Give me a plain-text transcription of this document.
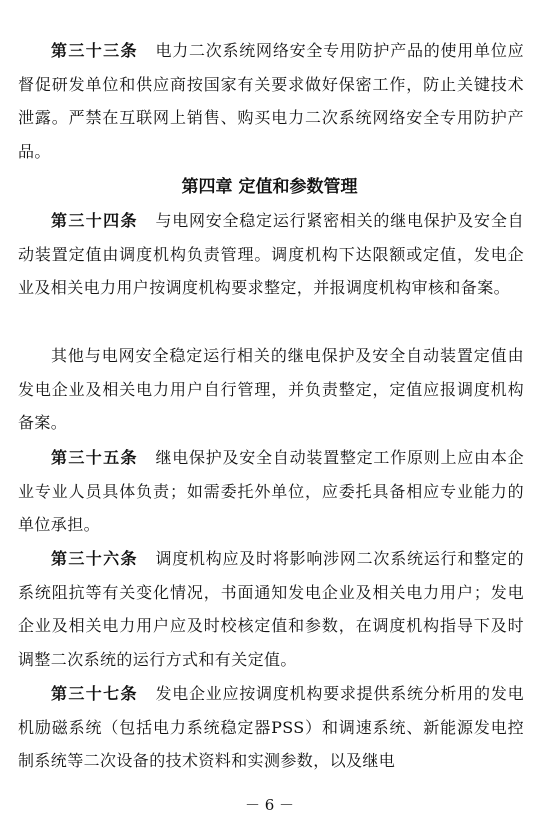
第三十三条 电力二次系统网络安全专用防护产品的使用单位应督促研发单位和供应商按国家有关要求做好保密工作，防止关键技术泄露。严禁在互联网上销售、购买电力二次系统网络安全专用防护产品。

第四章 定值和参数管理

第三十四条 与电网安全稳定运行紧密相关的继电保护及安全自动装置定值由调度机构负责管理。调度机构下达限额或定值，发电企业及相关电力用户按调度机构要求整定，并报调度机构审核和备案。

其他与电网安全稳定运行相关的继电保护及安全自动装置定值由发电企业及相关电力用户自行管理，并负责整定，定值应报调度机构备案。

第三十五条 继电保护及安全自动装置整定工作原则上应由本企业专业人员具体负责；如需委托外单位，应委托具备相应专业能力的单位承担。

第三十六条 调度机构应及时将影响涉网二次系统运行和整定的系统阻抗等有关变化情况，书面通知发电企业及相关电力用户；发电企业及相关电力用户应及时校核定值和参数，在调度机构指导下及时调整二次系统的运行方式和有关定值。

第三十七条 发电企业应按调度机构要求提供系统分析用的发电机励磁系统（包括电力系统稳定器PSS）和调速系统、新能源发电控制系统等二次设备的技术资料和实测参数，以及继电

－ 6 －
